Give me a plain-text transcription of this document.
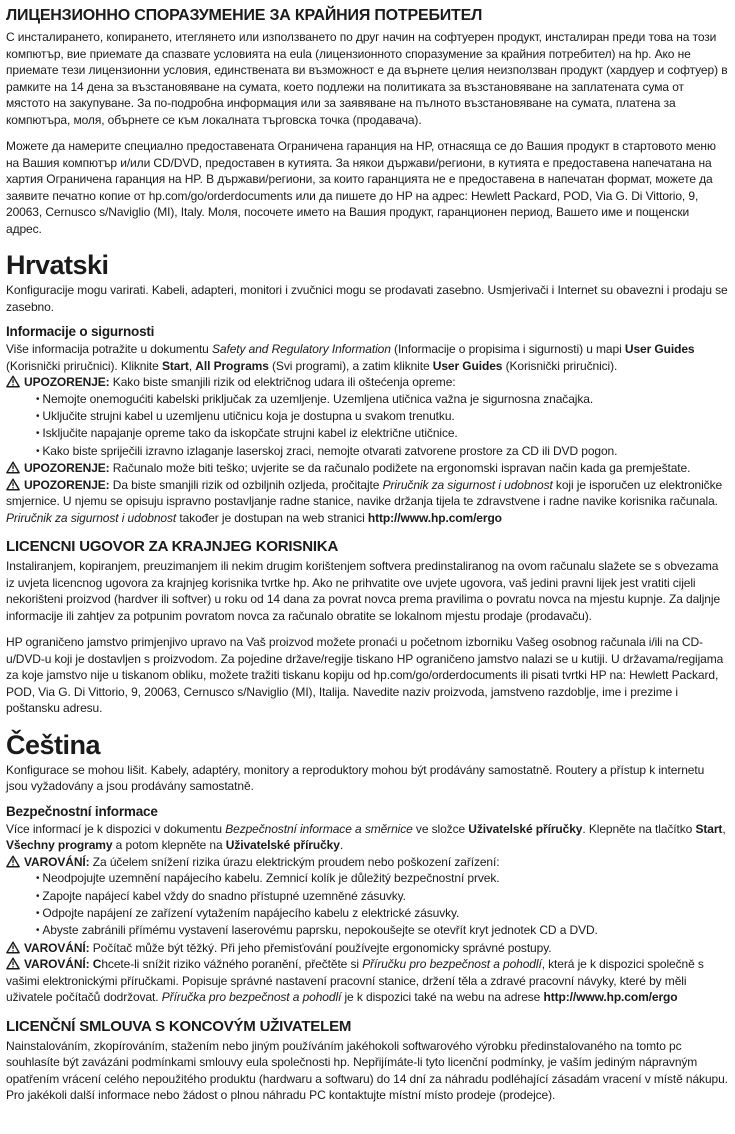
ЛИЦЕНЗИОННО СПОРАЗУМЕНИЕ ЗА КРАЙНИЯ ПОТРЕБИТЕЛ

С инсталирането, копирането, итеглянето или използването по друг начин на софтуерен продукт, инсталиран преди това на този компютър, вие приемате да спазвате условията на eula (лицензионното споразумение за крайния потребител) на hp. Ако не приемате тези лицензионни условия, единствената ви възможност е да върнете целия неизползван продукт (хардуер и софтуер) в рамките на 14 дена за възстановяване на сумата, което подлежи на политиката за възстановяване на заплатената сума от мястото на закупуване. За по-подробна информация или за заявяване на пълното възстановяване на сумата, платена за компютъра, моля, обърнете се към локалната търговска точка (продавача).

Можете да намерите специално предоставената Ограничена гаранция на HP, отнасяща се до Вашия продукт в стартовото меню на Вашия компютър и/или CD/DVD, предоставен в кутията. За някои държави/региони, в кутията е предоставена напечатана на хартия Ограничена гаранция на HP. В държави/региони, за които гаранцията не е предоставена в напечатан формат, можете да заявите печатно копие от hp.com/go/orderdocuments или да пишете до HP на адрес: Hewlett Packard, POD, Via G. Di Vittorio, 9, 20063, Cernusco s/Naviglio (MI), Italy. Моля, посочете името на Вашия продукт, гаранционен период, Вашето име и пощенски адрес.

Hrvatski

Konfiguracije mogu varirati. Kabeli, adapteri, monitori i zvučnici mogu se prodavati zasebno. Usmjerivači i Internet su obavezni i prodaju se zasebno.

Informacije o sigurnosti

Više informacija potražite u dokumentu Safety and Regulatory Information (Informacije o propisima i sigurnosti) u mapi User Guides (Korisnički priručnici). Kliknite Start, All Programs (Svi programi), a zatim kliknite User Guides (Korisnički priručnici).

UPOZORENJE: Kako biste smanjili rizik od električnog udara ili oštećenja opreme:

• Nemojte onemogućiti kabelski priključak za uzemljenje. Uzemljena utičnica važna je sigurnosna značajka.
• Uključite strujni kabel u uzemljenu utičnicu koja je dostupna u svakom trenutku.
• Isključite napajanje opreme tako da iskopčate strujni kabel iz električne utičnice.
• Kako biste spriječili izravno izlaganje laserskoj zraci, nemojte otvarati zatvorene prostore za CD ili DVD pogon.

UPOZORENJE: Računalo može biti teško; uvjerite se da računalo podižete na ergonomski ispravan način kada ga premještate.

UPOZORENJE: Da biste smanjili rizik od ozbiljnih ozljeda, pročitajte Priručnik za sigurnost i udobnost koji je isporučen uz elektroničke smjernice. U njemu se opisuju ispravno postavljanje radne stanice, navike držanja tijela te zdravstvene i radne navike korisnika računala. Priručnik za sigurnost i udobnost također je dostupan na web stranici http://www.hp.com/ergo

LICENCNI UGOVOR ZA KRAJNJEG KORISNIKA

Instaliranjem, kopiranjem, preuzimanjem ili nekim drugim korištenjem softvera predinstaliranog na ovom računalu slažete se s obvezama iz uvjeta licencnog ugovora za krajnjeg korisnika tvrtke hp. Ako ne prihvatite ove uvjete ugovora, vaš jedini pravni lijek jest vratiti cijeli nekorišteni proizvod (hardver ili softver) u roku od 14 dana za povrat novca prema pravilima o povratu novca na mjestu kupnje. Za daljnje informacije ili zahtjev za potpunim povratom novca za računalo obratite se lokalnom mjestu prodaje (prodavaču).

HP ograničeno jamstvo primjenjivo upravo na Vaš proizvod možete pronaći u početnom izborniku Vašeg osobnog računala i/ili na CD-u/DVD-u koji je dostavljen s proizvodom. Za pojedine države/regije tiskano HP ograničeno jamstvo nalazi se u kutiji. U državama/regijama za koje jamstvo nije u tiskanom obliku, možete tražiti tiskanu kopiju od hp.com/go/orderdocuments ili pisati tvrtki HP na: Hewlett Packard, POD, Via G. Di Vittorio, 9, 20063, Cernusco s/Naviglio (MI), Italija. Navedite naziv proizvoda, jamstveno razdoblje, ime i prezime i poštansku adresu.

Čeština

Konfigurace se mohou lišit. Kabely, adaptéry, monitory a reproduktory mohou být prodávány samostatně. Routery a přístup k internetu jsou vyžadovány a jsou prodávány samostatně.

Bezpečnostní informace

Více informací je k dispozici v dokumentu Bezpečnostní informace a směrnice ve složce Uživatelské příručky. Klepněte na tlačítko Start, Všechny programy a potom klepněte na Uživatelské příručky.

VAROVÁNÍ: Za účelem snížení rizika úrazu elektrickým proudem nebo poškození zařízení:

• Neodpojujte uzemnění napájecího kabelu. Zemnicí kolík je důležitý bezpečnostní prvek.
• Zapojte napájecí kabel vždy do snadno přístupné uzemněné zásuvky.
• Odpojte napájení ze zařízení vytažením napájecího kabelu z elektrické zásuvky.
• Abyste zabránili přímému vystavení laserovému paprsku, nepokoušejte se otevřít kryt jednotek CD a DVD.

VAROVÁNÍ: Počítač může být těžký. Při jeho přemisťování používejte ergonomicky správné postupy.

VAROVÁNÍ: Chcete-li snížit riziko vážného poranění, přečtěte si Příručku pro bezpečnost a pohodlí, která je k dispozici společně s vašimi elektronickými příručkami. Popisuje správné nastavení pracovní stanice, držení těla a zdravé pracovní návyky, které by měli uživatele počítačů dodržovat. Příručka pro bezpečnost a pohodlí je k dispozici také na webu na adrese http://www.hp.com/ergo

LICENČNÍ SMLOUVA S KONCOVÝM UŽIVATELEM

Nainstalováním, zkopírováním, stažením nebo jiným používáním jakéhokoli softwarového výrobku předinstalovaného na tomto pc souhlasíte být zavázáni podmínkami smlouvy eula společnosti hp. Nepřijímáte-li tyto licenční podmínky, je vaším jediným nápravným opatřením vrácení celého nepoužitého produktu (hardwaru a softwaru) do 14 dní za náhradu podléhající zásadám vracení v místě nákupu. Pro jakékoli další informace nebo žádost o plnou náhradu PC kontaktujte místní místo prodeje (prodejce).
